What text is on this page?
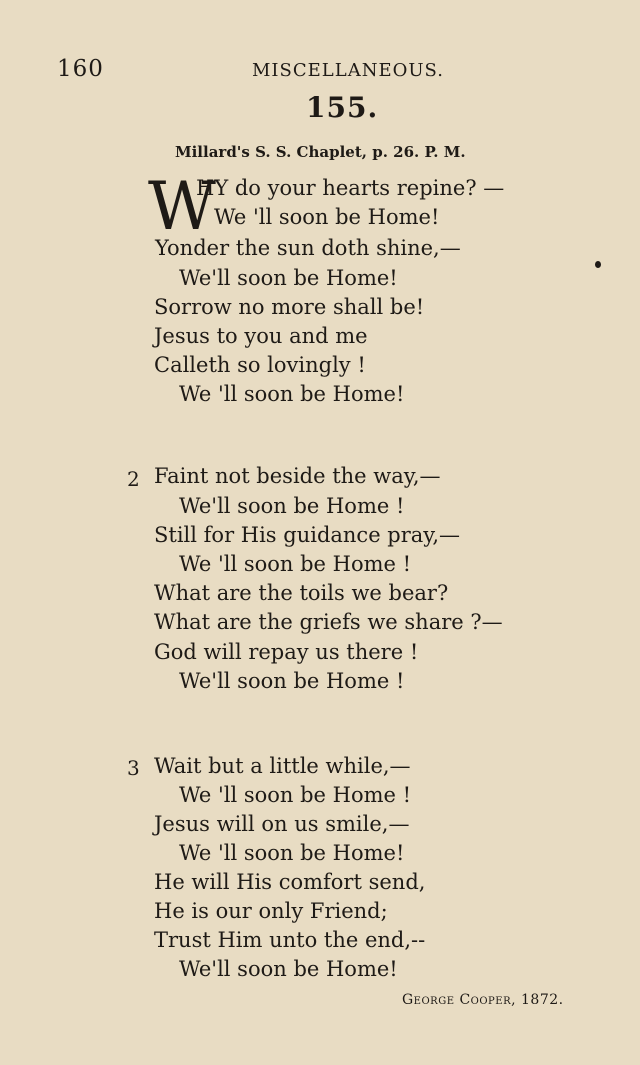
160	MISCELLANEOUS.
155.
Millard's S. S. Chaplet, p. 26. P. M.
W
HY do your hearts repine? —
We 'll soon be Home!
Yonder the sun doth shine,—
We'll soon be Home!
Sorrow no more shall be!
Jesus to you and me
Calleth so lovingly !
We 'll soon be Home!
2 Faint not beside the way,—
We'll soon be Home !
Still for His guidance pray,—
We 'll soon be Home !
What are the toils we bear?
What are the griefs we share ?—
God will repay us there !
We'll soon be Home !
3 Wait but a little while,—
We 'll soon be Home !
Jesus will on us smile,—
We 'll soon be Home!
He will His comfort send,
He is our only Friend;
Trust Him unto the end,--
We'll soon be Home!
George Cooper, 1872.
